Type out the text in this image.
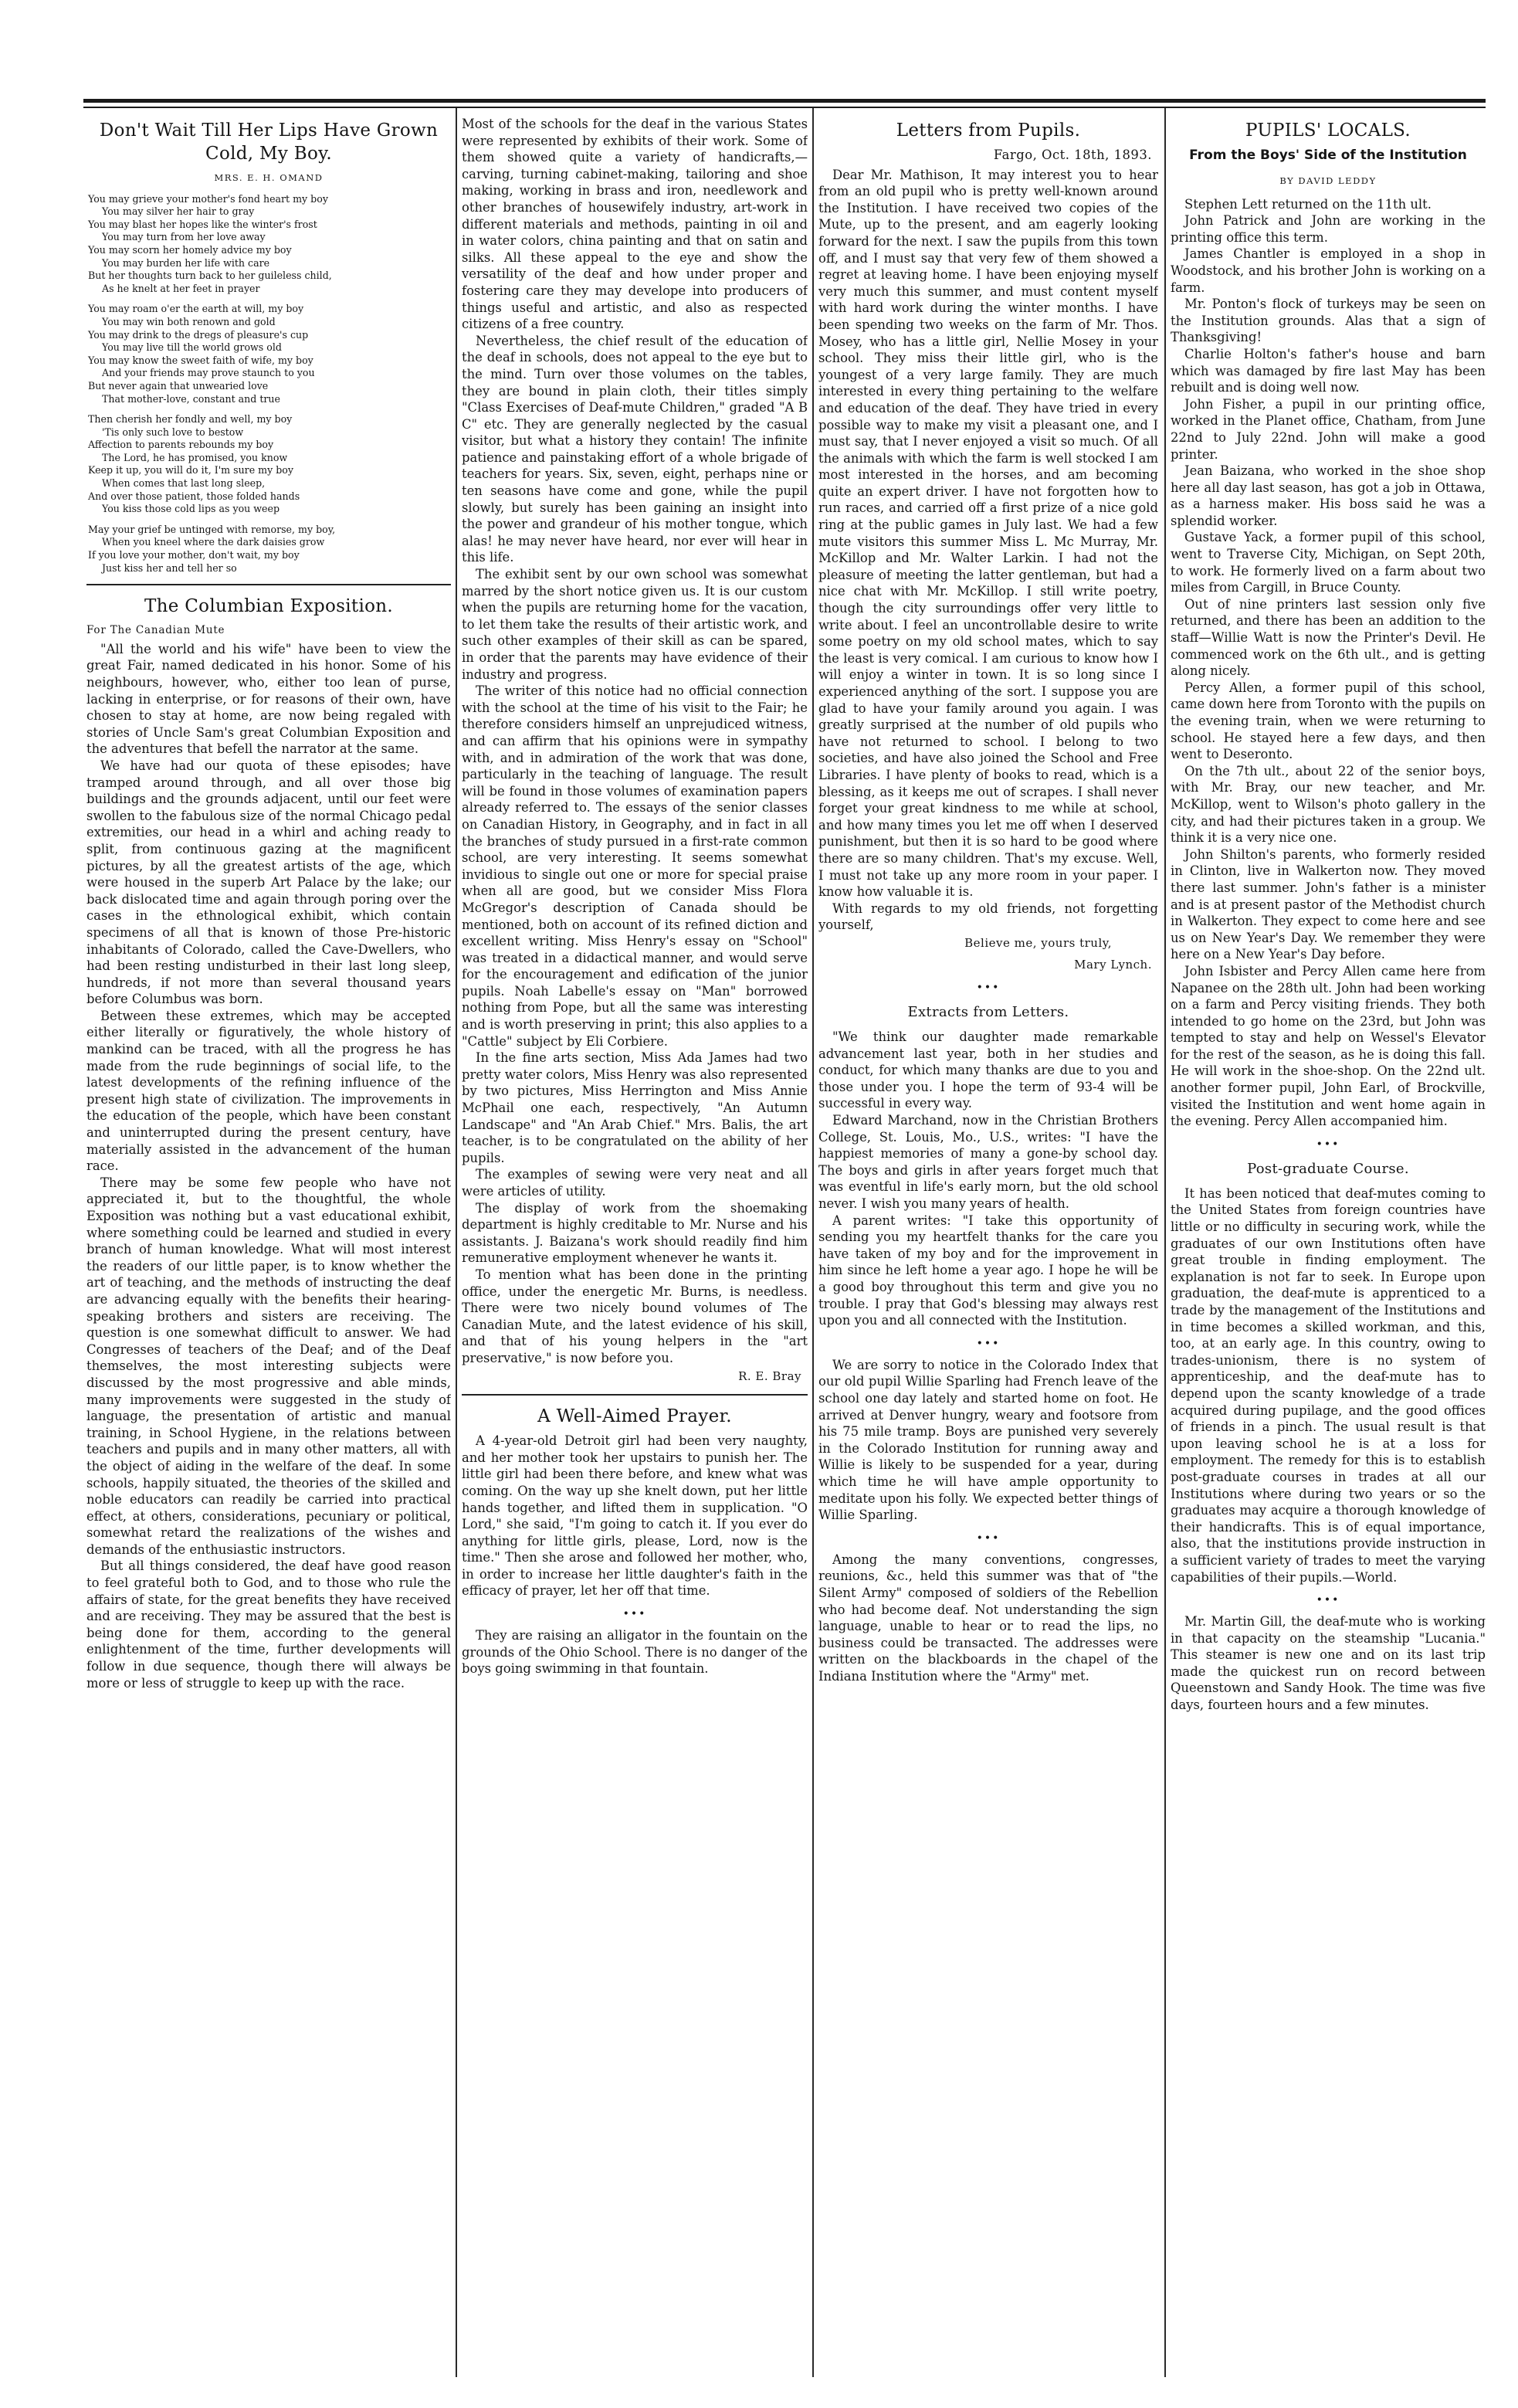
Don't Wait Till Her Lips Have Grown Cold, My Boy.
MRS. E. H. OMAND
You may grieve your mother's fond heart my boy
You may silver her hair to gray
You may blast her hopes like the winter's frost
You may turn from her love away
You may scorn her homely advice my boy
You may burden her life with care
But her thoughts turn back to her guileless child,
As he knelt at her feet in prayer
You may roam o'er the earth at will, my boy
You may win both renown and gold
You may drink to the dregs of pleasure's cup
You may live till the world grows old
You may know the sweet faith of wife, my boy
And your friends may prove staunch to you
But never again that unwearied love
That mother-love, constant and true
Then cherish her fondly and well, my boy
'Tis only such love to bestow
Affection to parents rebounds my boy
The Lord, he has promised, you know
Keep it up, you will do it, I'm sure my boy
When comes that last long sleep,
And over those patient, those folded hands
You kiss those cold lips as you weep
May your grief be untinged with remorse, my boy,
When you kneel where the dark daisies grow
If you love your mother, don't wait, my boy
Just kiss her and tell her so
The Columbian Exposition.
For The Canadian Mute

"All the world and his wife" have been to view the great Fair, named dedicated in his honor. Some of his neighbours, however, who, either too lean of purse, lacking in enterprise, or for reasons of their own, have chosen to stay at home, are now being regaled with stories of Uncle Sam's great Columbian Exposition and the adventures that befell the narrator at the same.

We have had our quota of these episodes; have tramped around through, and all over those big buildings and the grounds adjacent, until our feet were swollen to the fabulous size of the normal Chicago pedal extremities, our head in a whirl and aching ready to split, from continuous gazing at the magnificent pictures, by all the greatest artists of the age, which were housed in the superb Art Palace by the lake; our back dislocated time and again through poring over the cases in the ethnological exhibit, which contain specimens of all that is known of those Pre-historic inhabitants of Colorado, called the Cave-Dwellers, who had been resting undisturbed in their last long sleep, hundreds, if not more than several thousand years before Columbus was born.

Between these extremes, which may be accepted either literally or figuratively, the whole history of mankind can be traced, with all the progress he has made from the rude beginnings of social life, to the latest developments of the refining influence of the present high state of civilization. The improvements in the education of the people, which have been constant and uninterrupted during the present century, have materially assisted in the advancement of the human race.

There may be some few people who have not appreciated it, but to the thoughtful, the whole Exposition was nothing but a vast educational exhibit, where something could be learned and studied in every branch of human knowledge. What will most interest the readers of our little paper, is to know whether the art of teaching, and the methods of instructing the deaf are advancing equally with the benefits their hearing-speaking brothers and sisters are receiving. The question is one somewhat difficult to answer. We had Congresses of teachers of the Deaf; and of the Deaf themselves, the most interesting subjects were discussed by the most progressive and able minds, many improvements were suggested in the study of language, the presentation of artistic and manual training, in School Hygiene, in the relations between teachers and pupils and in many other matters, all with the object of aiding in the welfare of the deaf. In some schools, happily situated, the theories of the skilled and noble educators can readily be carried into practical effect, at others, considerations, pecuniary or political, somewhat retard the realizations of the wishes and demands of the enthusiastic instructors.

But all things considered, the deaf have good reason to feel grateful both to God, and to those who rule the affairs of state, for the great benefits they have received and are receiving. They may be assured that the best is being done for them, according to the general enlightenment of the time, further developments will follow in due sequence, though there will always be more or less of struggle to keep up with the race.

Most of the schools for the deaf in the various States were represented by exhibits of their work. Some of them showed quite a variety of handicrafts,— carving, turning cabinet-making, tailoring and shoe making, working in brass and iron, needlework and other branches of housewifely industry, art-work in different materials and methods, painting in oil and in water colors, china painting and that on satin and silks. All these appeal to the eye and show the versatility of the deaf and how under proper and fostering care they may develope into producers of things useful and artistic, and also as respected citizens of a free country.

Nevertheless, the chief result of the education of the deaf in schools, does not appeal to the eye but to the mind. Turn over those volumes on the tables, they are bound in plain cloth, their titles simply "Class Exercises of Deaf-mute Children," graded "A B C" etc. They are generally neglected by the casual visitor, but what a history they contain! The infinite patience and painstaking effort of a whole brigade of teachers for years. Six, seven, eight, perhaps nine or ten seasons have come and gone, while the pupil slowly, but surely has been gaining an insight into the power and grandeur of his mother tongue, which alas! he may never have heard, nor ever will hear in this life.

The exhibit sent by our own school was somewhat marred by the short notice given us. It is our custom when the pupils are returning home for the vacation, to let them take the results of their artistic work, and such other examples of their skill as can be spared, in order that the parents may have evidence of their industry and progress.

The writer of this notice had no official connection with the school at the time of his visit to the Fair; he therefore considers himself an unprejudiced witness, and can affirm that his opinions were in sympathy with, and in admiration of the work that was done, particularly in the teaching of language. The result will be found in those volumes of examination papers already referred to. The essays of the senior classes on Canadian History, in Geography, and in fact in all the branches of study pursued in a first-rate common school, are very interesting. It seems somewhat invidious to single out one or more for special praise when all are good, but we consider Miss Flora McGregor's description of Canada should be mentioned, both on account of its refined diction and excellent writing. Miss Henry's essay on "School" was treated in a didactical manner, and would serve for the encouragement and edification of the junior pupils. Noah Labelle's essay on "Man" borrowed nothing from Pope, but all the same was interesting and is worth preserving in print; this also applies to a "Cattle" subject by Eli Corbiere.

In the fine arts section, Miss Ada James had two pretty water colors, Miss Henry was also represented by two pictures, Miss Herrington and Miss Annie McPhail one each, respectively, "An Autumn Landscape" and "An Arab Chief." Mrs. Balis, the art teacher, is to be congratulated on the ability of her pupils.

The examples of sewing were very neat and all were articles of utility.

The display of work from the shoemaking department is highly creditable to Mr. Nurse and his assistants. J. Baizana's work should readily find him remunerative employment whenever he wants it.

To mention what has been done in the printing office, under the energetic Mr. Burns, is needless. There were two nicely bound volumes of The Canadian Mute, and the latest evidence of his skill, and that of his young helpers in the "art preservative," is now before you.

R. E. Bray
A Well-Aimed Prayer.

A 4-year-old Detroit girl had been very naughty, and her mother took her upstairs to punish her. The little girl had been there before, and knew what was coming. On the way up she knelt down, put her little hands together, and lifted them in supplication. "O Lord," she said, "I'm going to catch it. If you ever do anything for little girls, please, Lord, now is the time." Then she arose and followed her mother, who, in order to increase her little daughter's faith in the efficacy of prayer, let her off that time.

•••

They are raising an alligator in the fountain on the grounds of the Ohio School. There is no danger of the boys going swimming in that fountain.

Letters from Pupils.
Fargo, Oct. 18th, 1893.

Dear Mr. Mathison, It may interest you to hear from an old pupil who is pretty well-known around the Institution. I have received two copies of the Mute, up to the present, and am eagerly looking forward for the next. I saw the pupils from this town off, and I must say that very few of them showed a regret at leaving home. I have been enjoying myself very much this summer, and must content myself with hard work during the winter months. I have been spending two weeks on the farm of Mr. Thos. Mosey, who has a little girl, Nellie Mosey in your school. They miss their little girl, who is the youngest of a very large family. They are much interested in every thing pertaining to the welfare and education of the deaf. They have tried in every possible way to make my visit a pleasant one, and I must say, that I never enjoyed a visit so much. Of all the animals with which the farm is well stocked I am most interested in the horses, and am becoming quite an expert driver. I have not forgotten how to run races, and carried off a first prize of a nice gold ring at the public games in July last. We had a few mute visitors this summer Miss L. Mc Murray, Mr. McKillop and Mr. Walter Larkin. I had not the pleasure of meeting the latter gentleman, but had a nice chat with Mr. McKillop. I still write poetry, though the city surroundings offer very little to write about. I feel an uncontrollable desire to write some poetry on my old school mates, which to say the least is very comical. I am curious to know how I will enjoy a winter in town. It is so long since I experienced anything of the sort. I suppose you are glad to have your family around you again. I was greatly surprised at the number of old pupils who have not returned to school. I belong to two societies, and have also joined the School and Free Libraries. I have plenty of books to read, which is a blessing, as it keeps me out of scrapes. I shall never forget your great kindness to me while at school, and how many times you let me off when I deserved punishment, but then it is so hard to be good where there are so many children. That's my excuse. Well, I must not take up any more room in your paper. I know how valuable it is.

With regards to my old friends, not forgetting yourself,

Believe me, yours truly,
Mary Lynch.
•••
Extracts from Letters.

"We think our daughter made remarkable advancement last year, both in her studies and conduct, for which many thanks are due to you and those under you. I hope the term of 93-4 will be successful in every way.

Edward Marchand, now in the Christian Brothers College, St. Louis, Mo., U.S., writes: "I have the happiest memories of many a gone-by school day. The boys and girls in after years forget much that was eventful in life's early morn, but the old school never. I wish you many years of health.

A parent writes: "I take this opportunity of sending you my heartfelt thanks for the care you have taken of my boy and for the improvement in him since he left home a year ago. I hope he will be a good boy throughout this term and give you no trouble. I pray that God's blessing may always rest upon you and all connected with the Institution.

•••

We are sorry to notice in the Colorado Index that our old pupil Willie Sparling had French leave of the school one day lately and started home on foot. He arrived at Denver hungry, weary and footsore from his 75 mile tramp. Boys are punished very severely in the Colorado Institution for running away and Willie is likely to be suspended for a year, during which time he will have ample opportunity to meditate upon his folly. We expected better things of Willie Sparling.

•••

Among the many conventions, congresses, reunions, &c., held this summer was that of "the Silent Army" composed of soldiers of the Rebellion who had become deaf. Not understanding the sign language, unable to hear or to read the lips, no business could be transacted. The addresses were written on the blackboards in the chapel of the Indiana Institution where the "Army" met.

PUPILS' LOCALS.
From the Boys' Side of the Institution
BY DAVID LEDDY

Stephen Lett returned on the 11th ult.

John Patrick and John are working in the printing office this term.

James Chantler is employed in a shop in Woodstock, and his brother John is working on a farm.

Mr. Ponton's flock of turkeys may be seen on the Institution grounds. Alas that a sign of Thanksgiving!

Charlie Holton's father's house and barn which was damaged by fire last May has been rebuilt and is doing well now.

John Fisher, a pupil in our printing office, worked in the Planet office, Chatham, from June 22nd to July 22nd. John will make a good printer.

Jean Baizana, who worked in the shoe shop here all day last season, has got a job in Ottawa, as a harness maker. His boss said he was a splendid worker.

Gustave Yack, a former pupil of this school, went to Traverse City, Michigan, on Sept 20th, to work. He formerly lived on a farm about two miles from Cargill, in Bruce County.

Out of nine printers last session only five returned, and there has been an addition to the staff—Willie Watt is now the Printer's Devil. He commenced work on the 6th ult., and is getting along nicely.

Percy Allen, a former pupil of this school, came down here from Toronto with the pupils on the evening train, when we were returning to school. He stayed here a few days, and then went to Deseronto.

On the 7th ult., about 22 of the senior boys, with Mr. Bray, our new teacher, and Mr. McKillop, went to Wilson's photo gallery in the city, and had their pictures taken in a group. We think it is a very nice one.

John Shilton's parents, who formerly resided in Clinton, live in Walkerton now. They moved there last summer. John's father is a minister and is at present pastor of the Methodist church in Walkerton. They expect to come here and see us on New Year's Day. We remember they were here on a New Year's Day before.

John Isbister and Percy Allen came here from Napanee on the 28th ult. John had been working on a farm and Percy visiting friends. They both intended to go home on the 23rd, but John was tempted to stay and help on Wessel's Elevator for the rest of the season, as he is doing this fall. He will work in the shoe-shop. On the 22nd ult. another former pupil, John Earl, of Brockville, visited the Institution and went home again in the evening. Percy Allen accompanied him.

•••
Post-graduate Course.

It has been noticed that deaf-mutes coming to the United States from foreign countries have little or no difficulty in securing work, while the graduates of our own Institutions often have great trouble in finding employment. The explanation is not far to seek. In Europe upon graduation, the deaf-mute is apprenticed to a trade by the management of the Institutions and in time becomes a skilled workman, and this, too, at an early age. In this country, owing to trades-unionism, there is no system of apprenticeship, and the deaf-mute has to depend upon the scanty knowledge of a trade acquired during pupilage, and the good offices of friends in a pinch. The usual result is that upon leaving school he is at a loss for employment. The remedy for this is to establish post-graduate courses in trades at all our Institutions where during two years or so the graduates may acquire a thorough knowledge of their handicrafts. This is of equal importance, also, that the institutions provide instruction in a sufficient variety of trades to meet the varying capabilities of their pupils.—World.

•••

Mr. Martin Gill, the deaf-mute who is working in that capacity on the steamship "Lucania." This steamer is new one and on its last trip made the quickest run on record between Queenstown and Sandy Hook. The time was five days, fourteen hours and a few minutes.
